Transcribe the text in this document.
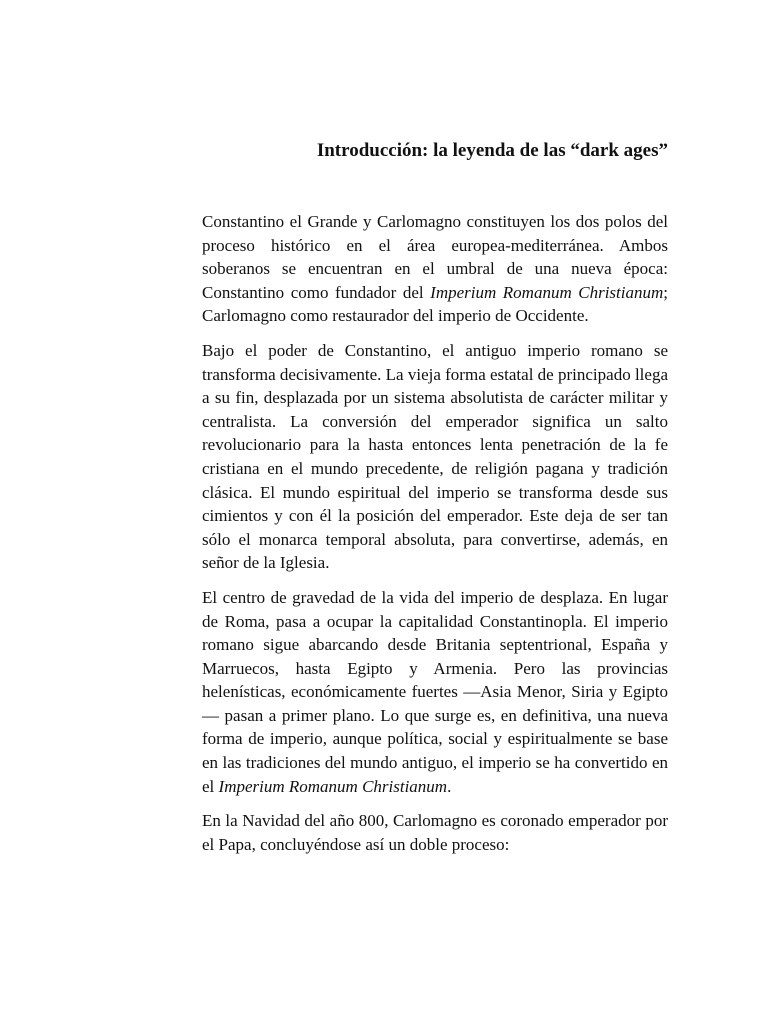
Introducción: la leyenda de las “dark ages”

Constantino el Grande y Carlomagno constituyen los dos polos del proceso histórico en el área europea-mediterránea. Ambos soberanos se encuentran en el umbral de una nueva época: Constantino como fundador del Imperium Romanum Christianum; Carlomagno como restaurador del imperio de Occidente.

Bajo el poder de Constantino, el antiguo imperio romano se transforma decisivamente. La vieja forma estatal de principado llega a su fin, desplazada por un sistema absolutista de carácter militar y centralista. La conversión del emperador significa un salto revolucionario para la hasta entonces lenta penetración de la fe cristiana en el mundo precedente, de religión pagana y tradición clásica. El mundo espiritual del imperio se transforma desde sus cimientos y con él la posición del emperador. Este deja de ser tan sólo el monarca temporal absoluta, para convertirse, además, en señor de la Iglesia.

El centro de gravedad de la vida del imperio de desplaza. En lugar de Roma, pasa a ocupar la capitalidad Constantinopla. El imperio romano sigue abarcando desde Britania septentrional, España y Marruecos, hasta Egipto y Armenia. Pero las provincias helenísticas, económicamente fuertes —Asia Menor, Siria y Egipto— pasan a primer plano. Lo que surge es, en definitiva, una nueva forma de imperio, aunque política, social y espiritualmente se base en las tradiciones del mundo antiguo, el imperio se ha convertido en el Imperium Romanum Christianum.

En la Navidad del año 800, Carlomagno es coronado emperador por el Papa, concluyéndose así un doble proceso:
